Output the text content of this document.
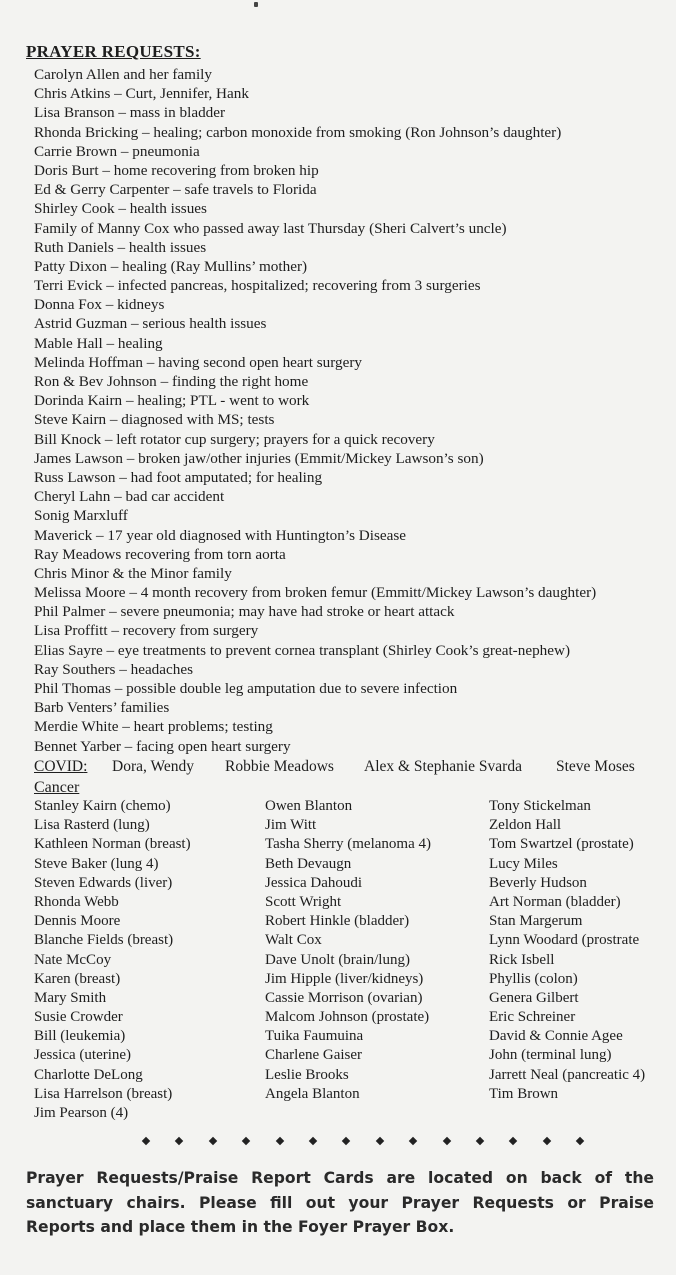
PRAYER REQUESTS:
Carolyn Allen and her family
Chris Atkins – Curt, Jennifer, Hank
Lisa Branson – mass in bladder
Rhonda Bricking – healing; carbon monoxide from smoking (Ron Johnson’s daughter)
Carrie Brown – pneumonia
Doris Burt – home recovering from broken hip
Ed & Gerry Carpenter – safe travels to Florida
Shirley Cook – health issues
Family of Manny Cox who passed away last Thursday (Sheri Calvert’s uncle)
Ruth Daniels – health issues
Patty Dixon – healing (Ray Mullins’ mother)
Terri Evick – infected pancreas, hospitalized; recovering from 3 surgeries
Donna Fox – kidneys
Astrid Guzman – serious health issues
Mable Hall – healing
Melinda Hoffman – having second open heart surgery
Ron & Bev Johnson – finding the right home
Dorinda Kairn – healing; PTL - went to work
Steve Kairn – diagnosed with MS; tests
Bill Knock – left rotator cup surgery; prayers for a quick recovery
James Lawson – broken jaw/other injuries (Emmit/Mickey Lawson’s son)
Russ Lawson – had foot amputated; for healing
Cheryl Lahn – bad car accident
Sonig Marxluff
Maverick – 17 year old diagnosed with Huntington’s Disease
Ray Meadows recovering from torn aorta
Chris Minor & the Minor family
Melissa Moore – 4 month recovery from broken femur (Emmitt/Mickey Lawson’s daughter)
Phil Palmer – severe pneumonia; may have had stroke or heart attack
Lisa Proffitt – recovery from surgery
Elias Sayre – eye treatments to prevent cornea transplant (Shirley Cook’s great-nephew)
Ray Southers – headaches
Phil Thomas – possible double leg amputation due to severe infection
Barb Venters’ families
Merdie White – heart problems; testing
Bennet Yarber – facing open heart surgery
COVID: Dora, Wendy Robbie Meadows Alex & Stephanie Svarda Steve Moses
Cancer
Stanley Kairn (chemo)
Lisa Rasterd (lung)
Kathleen Norman (breast)
Steve Baker (lung 4)
Steven Edwards (liver)
Rhonda Webb
Dennis Moore
Blanche Fields (breast)
Nate McCoy
Karen (breast)
Mary Smith
Susie Crowder
Bill (leukemia)
Jessica (uterine)
Charlotte DeLong
Lisa Harrelson (breast)
Jim Pearson (4)
Owen Blanton
Jim Witt
Tasha Sherry (melanoma 4)
Beth Devaugn
Jessica Dahoudi
Scott Wright
Robert Hinkle (bladder)
Walt Cox
Dave Unolt (brain/lung)
Jim Hipple (liver/kidneys)
Cassie Morrison (ovarian)
Malcom Johnson (prostate)
Tuika Faumuina
Charlene Gaiser
Leslie Brooks
Angela Blanton
Tony Stickelman
Zeldon Hall
Tom Swartzel (prostate)
Lucy Miles
Beverly Hudson
Art Norman (bladder)
Stan Margerum
Lynn Woodard (prostrate
Rick Isbell
Phyllis (colon)
Genera Gilbert
Eric Schreiner
David & Connie Agee
John (terminal lung)
Jarrett Neal (pancreatic 4)
Tim Brown

Prayer Requests/Praise Report Cards are located on back of the sanctuary chairs. Please fill out your Prayer Requests or Praise Reports and place them in the Foyer Prayer Box.
